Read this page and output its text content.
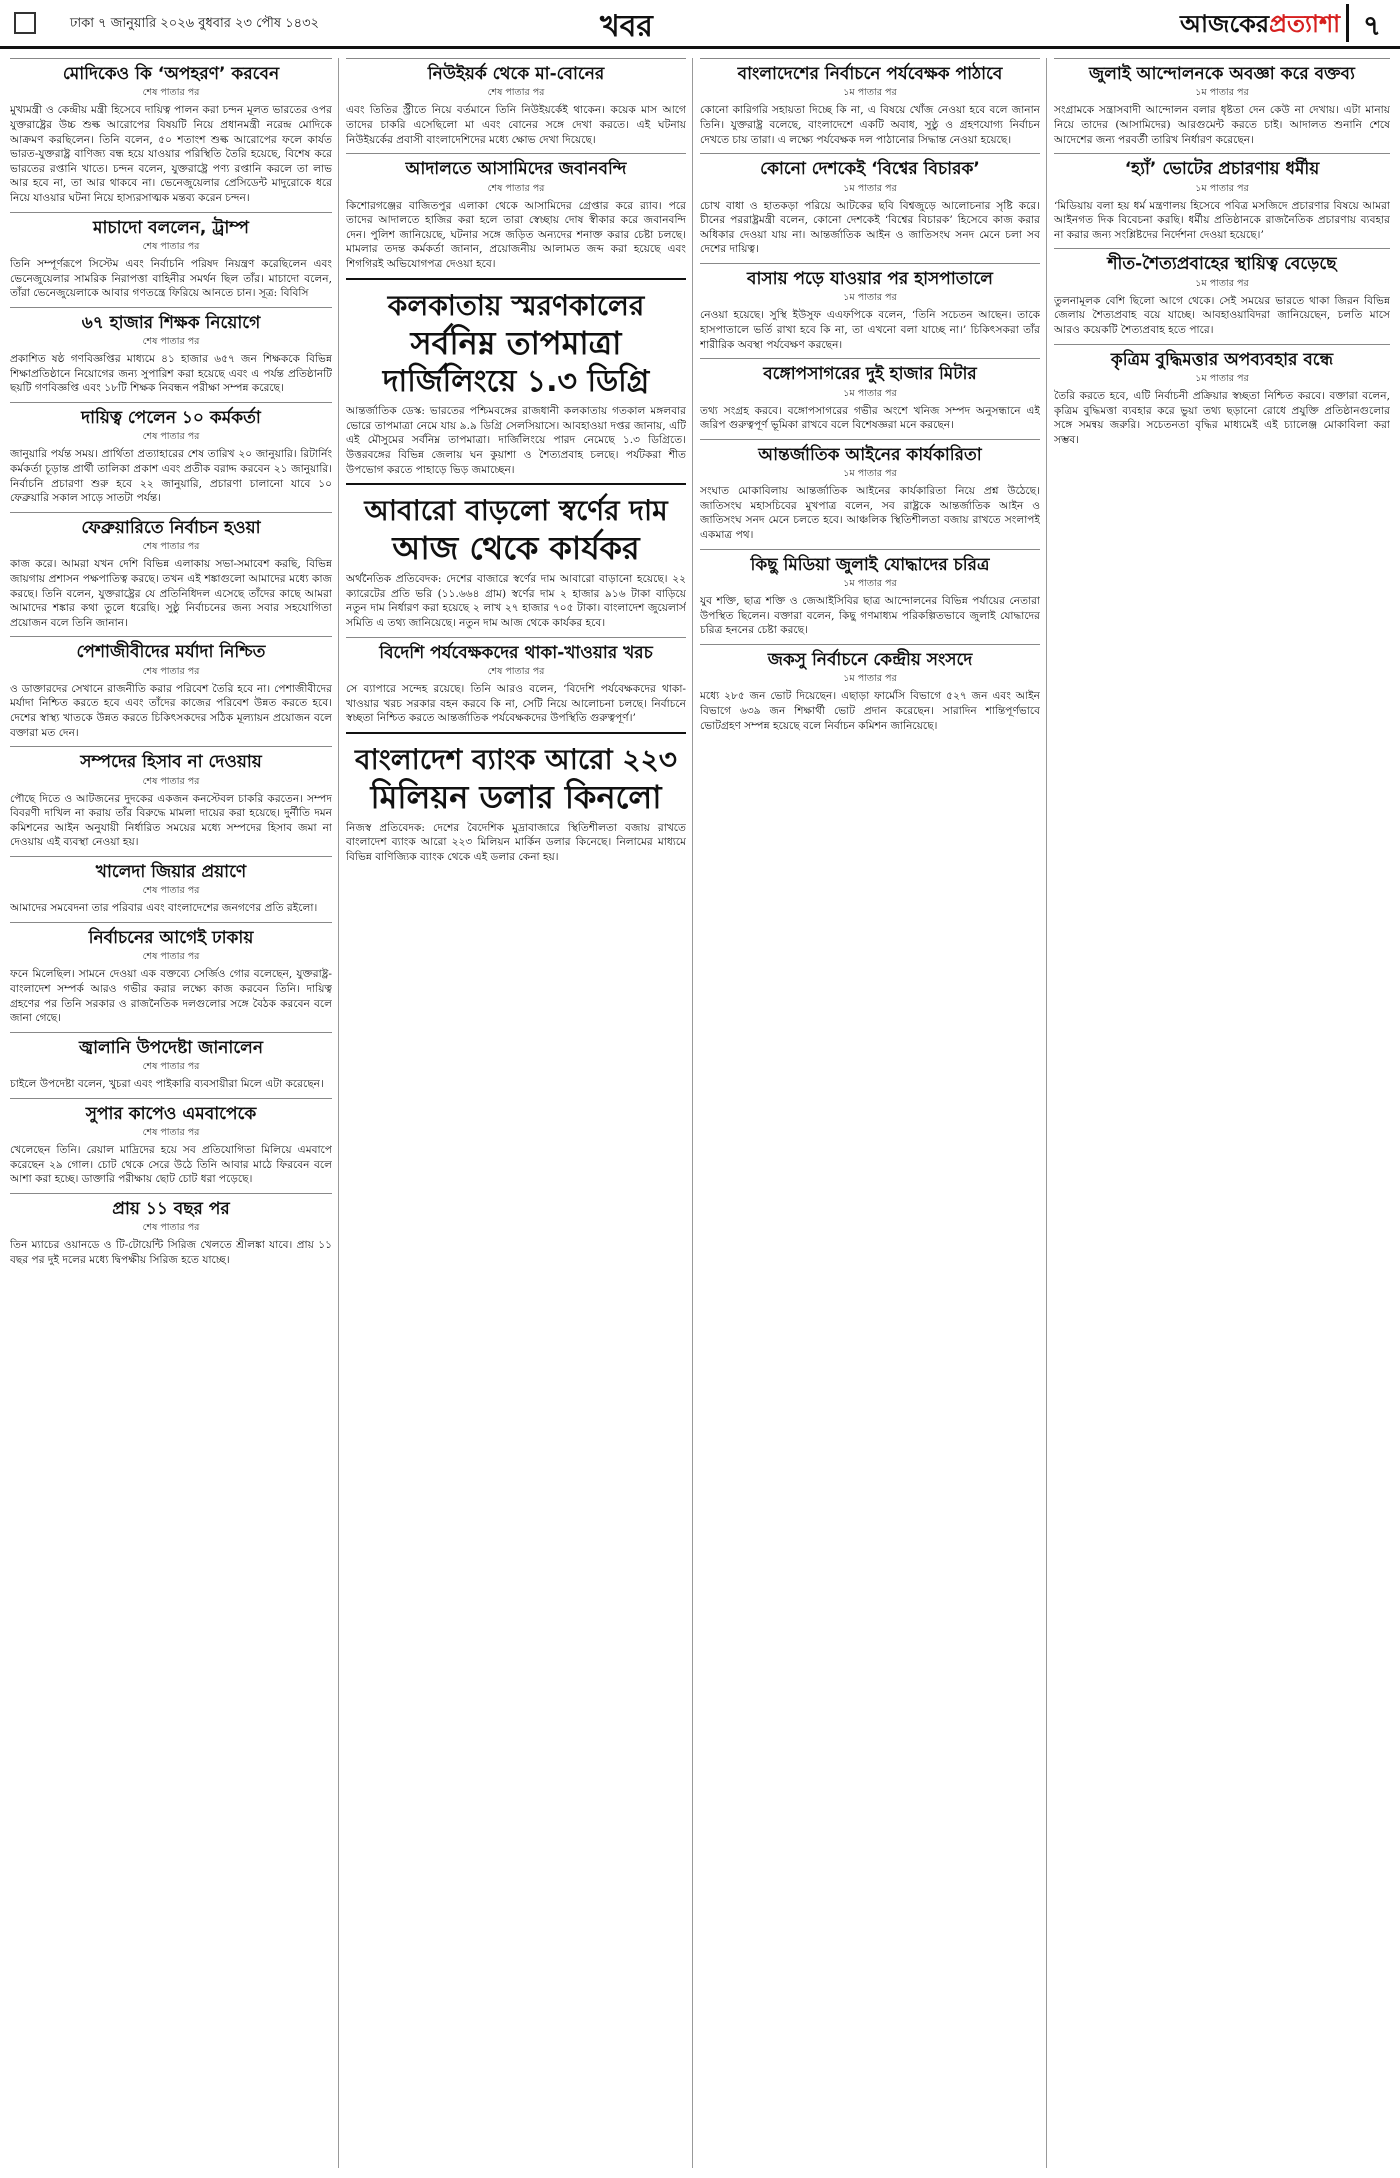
ঢাকা ৭ জানুয়ারি ২০২৬ বুধবার ২৩ পৌষ ১৪৩২	খবর	আজকেরপ্রত্যাশা ৭
মোদিকেও কি ‘অপহরণ’ করবেন
শেষ পাতার পর

মুখ্যমন্ত্রী ও কেন্দ্রীয় মন্ত্রী হিসেবে দায়িত্ব পালন করা চন্দন মূলত ভারতের ওপর যুক্তরাষ্ট্রের উচ্চ শুল্ক আরোপের বিষয়টি নিয়ে প্রধানমন্ত্রী নরেন্দ্র মোদিকে আক্রমণ করছিলেন। তিনি বলেন, ৫০ শতাংশ শুল্ক আরোপের ফলে কার্যত ভারত-যুক্তরাষ্ট্র বাণিজ্য বন্ধ হয়ে যাওয়ার পরিস্থিতি তৈরি হয়েছে, বিশেষ করে ভারতের রপ্তানি খাতে। চন্দন বলেন, যুক্তরাষ্ট্রে পণ্য রপ্তানি করলে তা লাভ আর হবে না, তা আর থাকবে না। ভেনেজুয়েলার প্রেসিডেন্ট মাদুরোকে ধরে নিয়ে যাওয়ার ঘটনা নিয়ে হাস্যরসাত্মক মন্তব্য করেন চন্দন।

মাচাদো বললেন, ট্রাম্প
শেষ পাতার পর

তিনি সম্পূর্ণরূপে সিস্টেম এবং নির্বাচনি পরিষদ নিয়ন্ত্রণ করেছিলেন এবং ভেনেজুয়েলার সামরিক নিরাপত্তা বাহিনীর সমর্থন ছিল তাঁর। মাচাদো বলেন, তাঁরা ভেনেজুয়েলাকে আবার গণতন্ত্রে ফিরিয়ে আনতে চান। সূত্র: বিবিসি

৬৭ হাজার শিক্ষক নিয়োগে
শেষ পাতার পর

প্রকাশিত ষষ্ঠ গণবিজ্ঞপ্তির মাধ্যমে ৪১ হাজার ৬৫৭ জন শিক্ষককে বিভিন্ন শিক্ষাপ্রতিষ্ঠানে নিয়োগের জন্য সুপারিশ করা হয়েছে এবং এ পর্যন্ত প্রতিষ্ঠানটি ছয়টি গণবিজ্ঞপ্তি এবং ১৮টি শিক্ষক নিবন্ধন পরীক্ষা সম্পন্ন করেছে।

দায়িত্ব পেলেন ১০ কর্মকর্তা
শেষ পাতার পর

জানুয়ারি পর্যন্ত সময়। প্রার্থিতা প্রত্যাহারের শেষ তারিখ ২০ জানুয়ারি। রিটার্নিং কর্মকর্তা চূড়ান্ত প্রার্থী তালিকা প্রকাশ এবং প্রতীক বরাদ্দ করবেন ২১ জানুয়ারি। নির্বাচনি প্রচারণা শুরু হবে ২২ জানুয়ারি, প্রচারণা চালানো যাবে ১০ ফেব্রুয়ারি সকাল সাড়ে সাতটা পর্যন্ত।

ফেব্রুয়ারিতে নির্বাচন হওয়া
শেষ পাতার পর

কাজ করে। আমরা যখন দেশি বিভিন্ন এলাকায় সভা-সমাবেশ করছি, বিভিন্ন জায়গায় প্রশাসন পক্ষপাতিত্ব করছে। তখন এই শঙ্কাগুলো আমাদের মধ্যে কাজ করছে। তিনি বলেন, যুক্তরাষ্ট্রের যে প্রতিনিধিদল এসেছে তাঁদের কাছে আমরা আমাদের শঙ্কার কথা তুলে ধরেছি। সুষ্ঠু নির্বাচনের জন্য সবার সহযোগিতা প্রয়োজন বলে তিনি জানান।

পেশাজীবীদের মর্যাদা নিশ্চিত
শেষ পাতার পর

ও ডাক্তারদের সেখানে রাজনীতি করার পরিবেশ তৈরি হবে না। পেশাজীবীদের মর্যাদা নিশ্চিত করতে হবে এবং তাঁদের কাজের পরিবেশ উন্নত করতে হবে। দেশের স্বাস্থ্য খাতকে উন্নত করতে চিকিৎসকদের সঠিক মূল্যায়ন প্রয়োজন বলে বক্তারা মত দেন।

সম্পদের হিসাব না দেওয়ায়
শেষ পাতার পর

পৌছে দিতে ও আটজনের দুদকের একজন কনস্টেবল চাকরি করতেন। সম্পদ বিবরণী দাখিল না করায় তাঁর বিরুদ্ধে মামলা দায়ের করা হয়েছে। দুর্নীতি দমন কমিশনের আইন অনুযায়ী নির্ধারিত সময়ের মধ্যে সম্পদের হিসাব জমা না দেওয়ায় এই ব্যবস্থা নেওয়া হয়।

খালেদা জিয়ার প্রয়াণে
শেষ পাতার পর

আমাদের সমবেদনা তার পরিবার এবং বাংলাদেশের জনগণের প্রতি রইলো।

নির্বাচনের আগেই ঢাকায়
শেষ পাতার পর

ফনে মিলেছিল। সামনে দেওয়া এক বক্তব্যে সের্জিও গোর বলেছেন, যুক্তরাষ্ট্র-বাংলাদেশ সম্পর্ক আরও গভীর করার লক্ষ্যে কাজ করবেন তিনি। দায়িত্ব গ্রহণের পর তিনি সরকার ও রাজনৈতিক দলগুলোর সঙ্গে বৈঠক করবেন বলে জানা গেছে।

জ্বালানি উপদেষ্টা জানালেন
শেষ পাতার পর

চাইলে উপদেষ্টা বলেন, খুচরা এবং পাইকারি ব্যবসায়ীরা মিলে এটা করেছেন।

সুপার কাপেও এমবাপেকে
শেষ পাতার পর

খেলেছেন তিনি। রেয়াল মাদ্রিদের হয়ে সব প্রতিযোগিতা মিলিয়ে এমবাপে করেছেন ২৯ গোল। চোট থেকে সেরে উঠে তিনি আবার মাঠে ফিরবেন বলে আশা করা হচ্ছে। ডাক্তারি পরীক্ষায় ছোট চোট ধরা পড়েছে।

প্রায় ১১ বছর পর
শেষ পাতার পর

তিন ম্যাচের ওয়ানডে ও টি-টোয়েন্টি সিরিজ খেলতে শ্রীলঙ্কা যাবে। প্রায় ১১ বছর পর দুই দলের মধ্যে দ্বিপক্ষীয় সিরিজ হতে যাচ্ছে।

নিউইয়র্ক থেকে মা-বোনের
শেষ পাতার পর

এবং তিতির স্ট্রীতে নিয়ে বর্তমানে তিনি নিউইয়র্কেই থাকেন। কয়েক মাস আগে তাদের চাকরি এসেছিলো মা এবং বোনের সঙ্গে দেখা করতে। এই ঘটনায় নিউইয়র্কের প্রবাসী বাংলাদেশিদের মধ্যে ক্ষোভ দেখা দিয়েছে।

আদালতে আসামিদের জবানবন্দি
শেষ পাতার পর

কিশোরগঞ্জের বাজিতপুর এলাকা থেকে আসামিদের গ্রেপ্তার করে র‌্যাব। পরে তাদের আদালতে হাজির করা হলে তারা স্বেচ্ছায় দোষ স্বীকার করে জবানবন্দি দেন। পুলিশ জানিয়েছে, ঘটনার সঙ্গে জড়িত অন্যদের শনাক্ত করার চেষ্টা চলছে। মামলার তদন্ত কর্মকর্তা জানান, প্রয়োজনীয় আলামত জব্দ করা হয়েছে এবং শিগগিরই অভিযোগপত্র দেওয়া হবে।

কলকাতায় স্মরণকালের
সর্বনিম্ন তাপমাত্রা
দার্জিলিংয়ে ১.৩ ডিগ্রি

আন্তর্জাতিক ডেস্ক: ভারতের পশ্চিমবঙ্গের রাজধানী কলকাতায় গতকাল মঙ্গলবার ভোরে তাপমাত্রা নেমে যায় ৯.৯ ডিগ্রি সেলসিয়াসে। আবহাওয়া দপ্তর জানায়, এটি এই মৌসুমের সর্বনিম্ন তাপমাত্রা। দার্জিলিংয়ে পারদ নেমেছে ১.৩ ডিগ্রিতে। উত্তরবঙ্গের বিভিন্ন জেলায় ঘন কুয়াশা ও শৈত্যপ্রবাহ চলছে। পর্যটকরা শীত উপভোগ করতে পাহাড়ে ভিড় জমাচ্ছেন।

আবারো বাড়লো স্বর্ণের দাম
আজ থেকে কার্যকর

অর্থনৈতিক প্রতিবেদক: দেশের বাজারে স্বর্ণের দাম আবারো বাড়ানো হয়েছে। ২২ ক্যারেটের প্রতি ভরি (১১.৬৬৪ গ্রাম) স্বর্ণের দাম ২ হাজার ৯১৬ টাকা বাড়িয়ে নতুন দাম নির্ধারণ করা হয়েছে ২ লাখ ২৭ হাজার ৭০৫ টাকা। বাংলাদেশ জুয়েলার্স সমিতি এ তথ্য জানিয়েছে। নতুন দাম আজ থেকে কার্যকর হবে।

বিদেশি পর্যবেক্ষকদের থাকা-খাওয়ার খরচ
শেষ পাতার পর

সে ব্যাপারে সন্দেহ রয়েছে। তিনি আরও বলেন, ‘বিদেশি পর্যবেক্ষকদের থাকা-খাওয়ার খরচ সরকার বহন করবে কি না, সেটি নিয়ে আলোচনা চলছে। নির্বাচনে স্বচ্ছতা নিশ্চিত করতে আন্তর্জাতিক পর্যবেক্ষকদের উপস্থিতি গুরুত্বপূর্ণ।’

বাংলাদেশ ব্যাংক আরো ২২৩
মিলিয়ন ডলার কিনলো

নিজস্ব প্রতিবেদক: দেশের বৈদেশিক মুদ্রাবাজারে স্থিতিশীলতা বজায় রাখতে বাংলাদেশ ব্যাংক আরো ২২৩ মিলিয়ন মার্কিন ডলার কিনেছে। নিলামের মাধ্যমে বিভিন্ন বাণিজ্যিক ব্যাংক থেকে এই ডলার কেনা হয়।

বাংলাদেশের নির্বাচনে পর্যবেক্ষক পাঠাবে
১ম পাতার পর

কোনো কারিগরি সহায়তা দিচ্ছে কি না, এ বিষয়ে খোঁজ নেওয়া হবে বলে জানান তিনি। যুক্তরাষ্ট্র বলেছে, বাংলাদেশে একটি অবাধ, সুষ্ঠু ও গ্রহণযোগ্য নির্বাচন দেখতে চায় তারা। এ লক্ষ্যে পর্যবেক্ষক দল পাঠানোর সিদ্ধান্ত নেওয়া হয়েছে।

কোনো দেশকেই ‘বিশ্বের বিচারক’
১ম পাতার পর

চোখ বাধা ও হাতকড়া পরিয়ে আটকের ছবি বিশ্বজুড়ে আলোচনার সৃষ্টি করে। চীনের পররাষ্ট্রমন্ত্রী বলেন, কোনো দেশকেই ‘বিশ্বের বিচারক’ হিসেবে কাজ করার অধিকার দেওয়া যায় না। আন্তর্জাতিক আইন ও জাতিসংঘ সনদ মেনে চলা সব দেশের দায়িত্ব।

বাসায় পড়ে যাওয়ার পর হাসপাতালে
১ম পাতার পর

নেওয়া হয়েছে। সুস্থি ইউসুফ এএফপিকে বলেন, ‘তিনি সচেতন আছেন। তাকে হাসপাতালে ভর্তি রাখা হবে কি না, তা এখনো বলা যাচ্ছে না।’ চিকিৎসকরা তাঁর শারীরিক অবস্থা পর্যবেক্ষণ করছেন।

বঙ্গোপসাগরের দুই হাজার মিটার
১ম পাতার পর

তথ্য সংগ্রহ করবে। বঙ্গোপসাগরের গভীর অংশে খনিজ সম্পদ অনুসন্ধানে এই জরিপ গুরুত্বপূর্ণ ভূমিকা রাখবে বলে বিশেষজ্ঞরা মনে করছেন।

আন্তর্জাতিক আইনের কার্যকারিতা
১ম পাতার পর

সংঘাত মোকাবিলায় আন্তর্জাতিক আইনের কার্যকারিতা নিয়ে প্রশ্ন উঠেছে। জাতিসংঘ মহাসচিবের মুখপাত্র বলেন, সব রাষ্ট্রকে আন্তর্জাতিক আইন ও জাতিসংঘ সনদ মেনে চলতে হবে। আঞ্চলিক স্থিতিশীলতা বজায় রাখতে সংলাপই একমাত্র পথ।

কিছু মিডিয়া জুলাই যোদ্ধাদের চরিত্র
১ম পাতার পর

যুব শক্তি, ছাত্র শক্তি ও জেআইসিবির ছাত্র আন্দোলনের বিভিন্ন পর্যায়ের নেতারা উপস্থিত ছিলেন। বক্তারা বলেন, কিছু গণমাধ্যম পরিকল্পিতভাবে জুলাই যোদ্ধাদের চরিত্র হননের চেষ্টা করছে।

জকসু নির্বাচনে কেন্দ্রীয় সংসদে
১ম পাতার পর

মধ্যে ২৮৫ জন ভোট দিয়েছেন। এছাড়া ফার্মেসি বিভাগে ৫২৭ জন এবং আইন বিভাগে ৬৩৯ জন শিক্ষার্থী ভোট প্রদান করেছেন। সারাদিন শান্তিপূর্ণভাবে ভোটগ্রহণ সম্পন্ন হয়েছে বলে নির্বাচন কমিশন জানিয়েছে।

জুলাই আন্দোলনকে অবজ্ঞা করে বক্তব্য
১ম পাতার পর

সংগ্রামকে সন্ত্রাসবাদী আন্দোলন বলার ধৃষ্টতা দেন কেউ না দেখায়। এটা মানায় নিয়ে তাদের (আসামিদের) আরগুমেন্ট করতে চাই। আদালত শুনানি শেষে আদেশের জন্য পরবর্তী তারিখ নির্ধারণ করেছেন।

‘হ্যাঁ’ ভোটের প্রচারণায় ধর্মীয়
১ম পাতার পর

‘মিডিয়ায় বলা হয় ধর্ম মন্ত্রণালয় হিসেবে পবিত্র মসজিদে প্রচারণার বিষয়ে আমরা আইনগত দিক বিবেচনা করছি। ধর্মীয় প্রতিষ্ঠানকে রাজনৈতিক প্রচারণায় ব্যবহার না করার জন্য সংশ্লিষ্টদের নির্দেশনা দেওয়া হয়েছে।’

শীত-শৈত্যপ্রবাহের স্থায়িত্ব বেড়েছে
১ম পাতার পর

তুলনামূলক বেশি ছিলো আগে থেকে। সেই সময়ের ভারতে থাকা জিরন বিভিন্ন জেলায় শৈত্যপ্রবাহ বয়ে যাচ্ছে। আবহাওয়াবিদরা জানিয়েছেন, চলতি মাসে আরও কয়েকটি শৈত্যপ্রবাহ হতে পারে।

কৃত্রিম বুদ্ধিমত্তার অপব্যবহার বন্ধে
১ম পাতার পর

তৈরি করতে হবে, এটি নির্বাচনী প্রক্রিয়ার স্বচ্ছতা নিশ্চিত করবে। বক্তারা বলেন, কৃত্রিম বুদ্ধিমত্তা ব্যবহার করে ভুয়া তথ্য ছড়ানো রোধে প্রযুক্তি প্রতিষ্ঠানগুলোর সঙ্গে সমন্বয় জরুরি। সচেতনতা বৃদ্ধির মাধ্যমেই এই চ্যালেঞ্জ মোকাবিলা করা সম্ভব।
